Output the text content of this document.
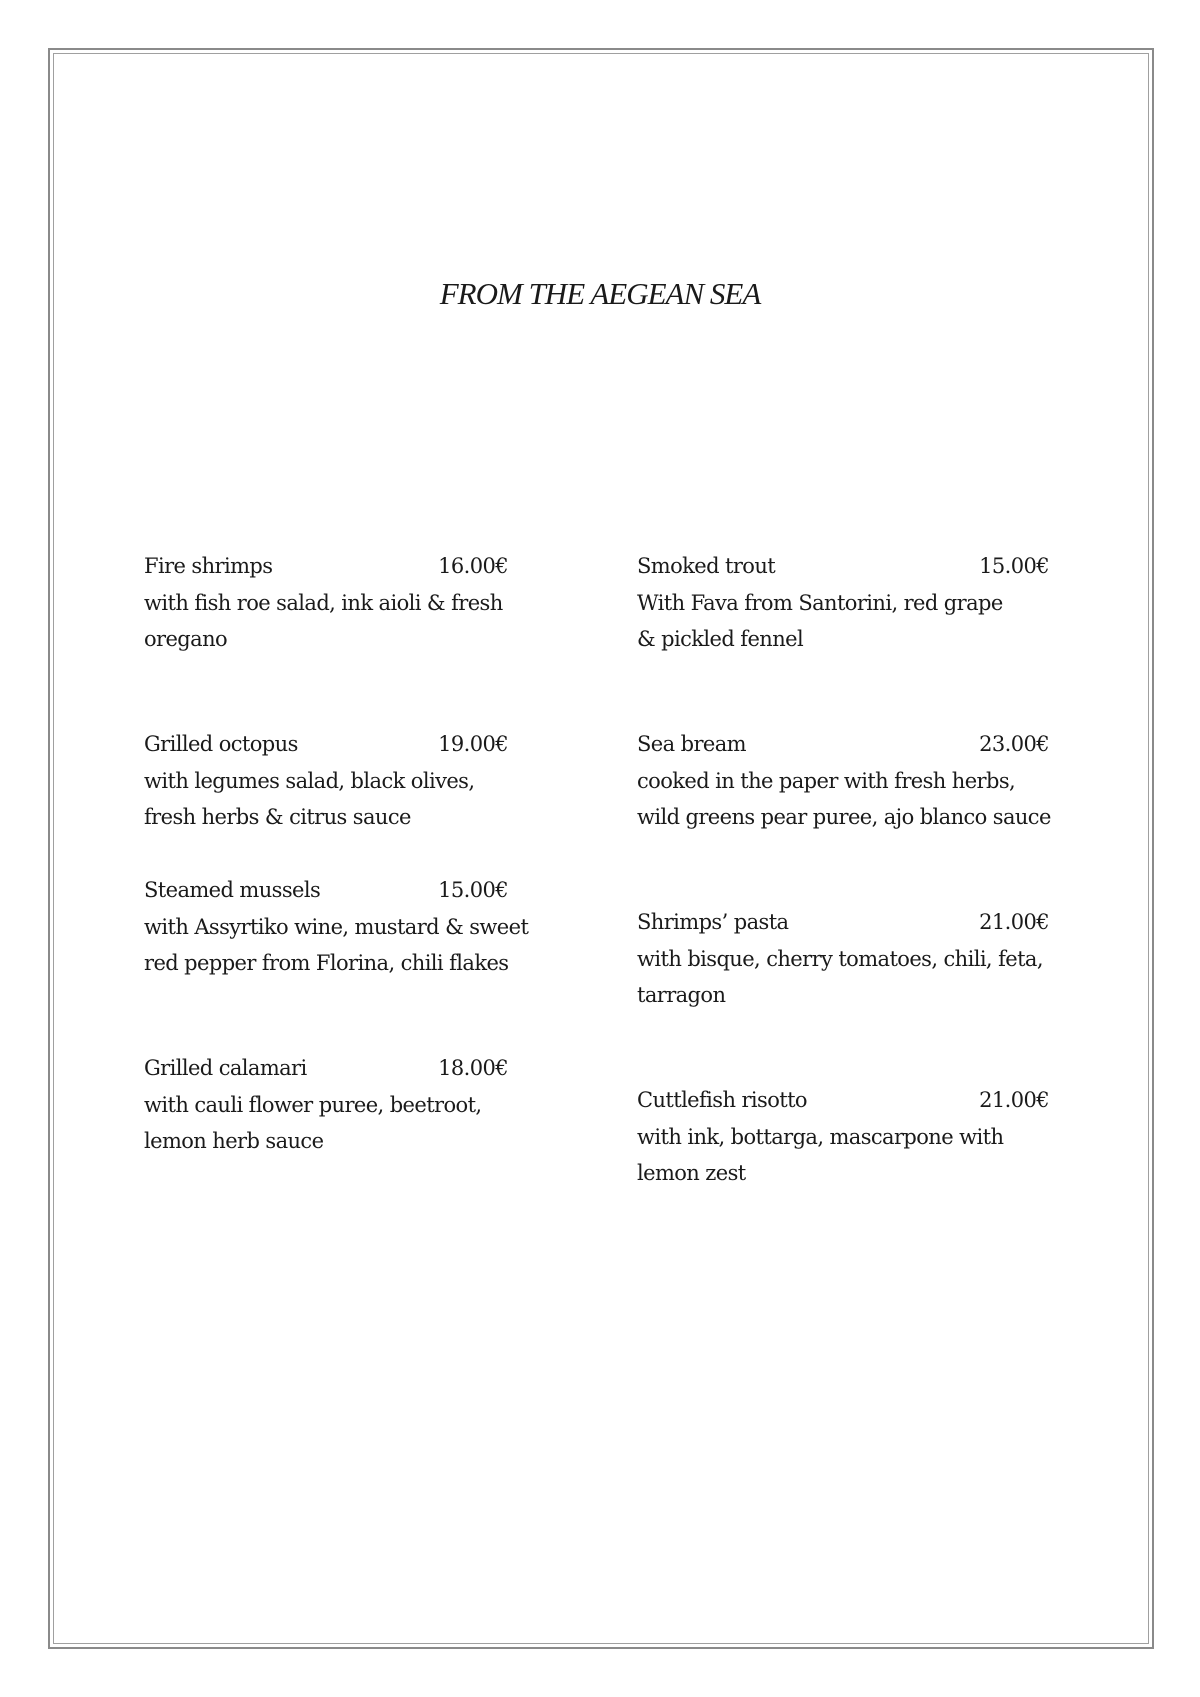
FROM THE AEGEAN SEA
Fire shrimps	16.00€
with fish roe salad, ink aioli & fresh
oregano
Grilled octopus	19.00€
with legumes salad, black olives,
fresh herbs & citrus sauce
Steamed mussels	15.00€
with Assyrtiko wine, mustard & sweet
red pepper from Florina, chili flakes
Grilled calamari	18.00€
with cauli flower puree, beetroot,
lemon herb sauce
Smoked trout	15.00€
With Fava from Santorini, red grape
& pickled fennel
Sea bream	23.00€
cooked in the paper with fresh herbs,
wild greens pear puree, ajo blanco sauce
Shrimps’ pasta	21.00€
with bisque, cherry tomatoes, chili, feta,
tarragon
Cuttlefish risotto	21.00€
with ink, bottarga, mascarpone with
lemon zest
